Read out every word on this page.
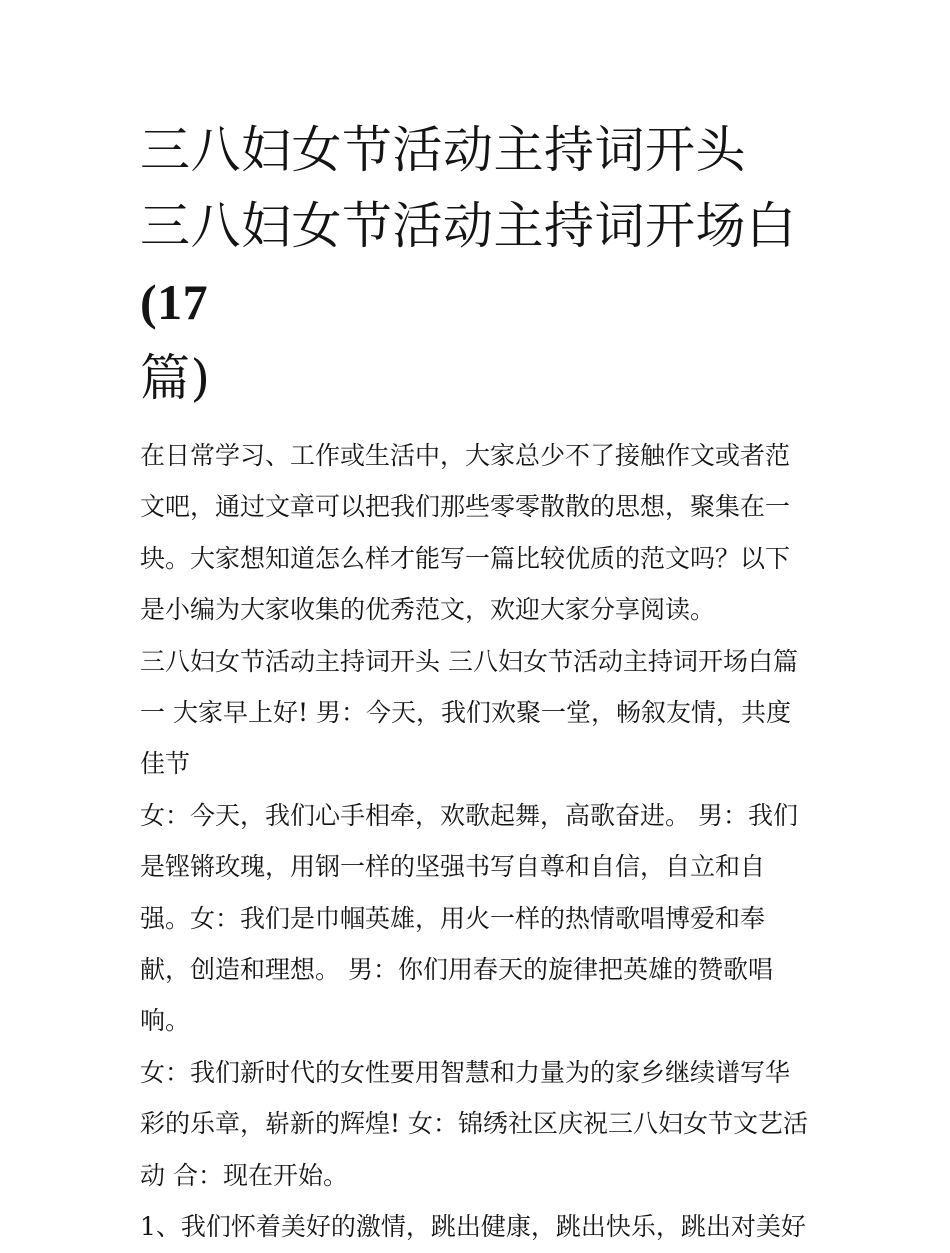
三八妇女节活动主持词开头 三八妇女节活动主持词开场白(17
篇)

在日常学习、工作或生活中，大家总少不了接触作文或者范文吧，通过文章可以把我们那些零零散散的思想，聚集在一块。大家想知道怎么样才能写一篇比较优质的范文吗？以下是小编为大家收集的优秀范文，欢迎大家分享阅读。

三八妇女节活动主持词开头 三八妇女节活动主持词开场白篇一 大家早上好! 男：今天，我们欢聚一堂，畅叙友情，共度佳节

女：今天，我们心手相牵，欢歌起舞，高歌奋进。 男：我们是铿锵玫瑰，用钢一样的坚强书写自尊和自信，自立和自强。女：我们是巾帼英雄，用火一样的热情歌唱博爱和奉献，创造和理想。 男：你们用春天的旋律把英雄的赞歌唱响。

女：我们新时代的女性要用智慧和力量为的家乡继续谱写华彩的乐章，崭新的辉煌! 女：锦绣社区庆祝三八妇女节文艺活动 合：现在开始。

1、我们怀着美好的激情，跳出健康，跳出快乐，跳出对美好
